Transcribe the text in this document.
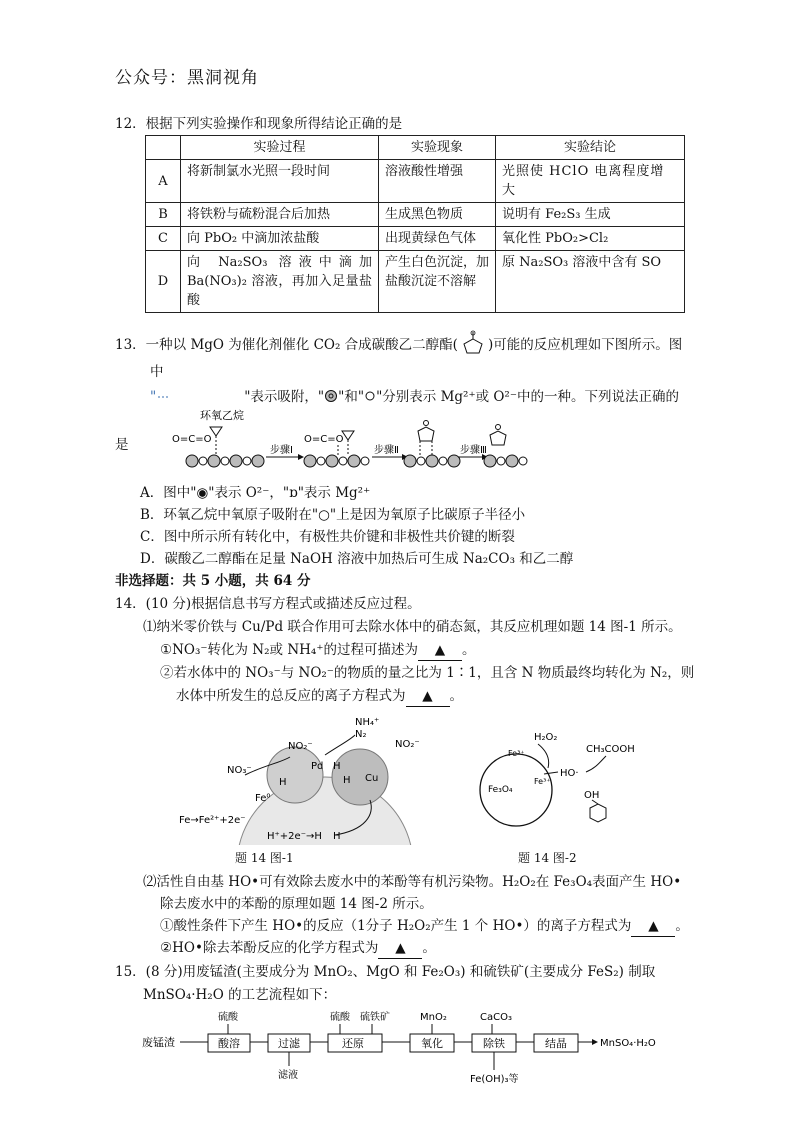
公众号：黑洞视角
12．根据下列实验操作和现象所得结论正确的是
	实验过程	实验现象	实验结论
A	将新制氯水光照一段时间	溶液酸性增强	光照使 HClO 电离程度增大
B	将铁粉与硫粉混合后加热	生成黑色物质	说明有 Fe₂S₃ 生成
C	向 PbO₂ 中滴加浓盐酸	出现黄绿色气体	氧化性 PbO₂>Cl₂
D	向 Na₂SO₃ 溶液中滴加 Ba(NO₃)₂ 溶液，再加入足量盐酸	产生白色沉淀，加盐酸沉淀不溶解	原 Na₂SO₃ 溶液中含有 SO
13．一种以 MgO 为催化剂催化 CO₂ 合成碳酸乙二醇酯( )可能的反应机理如下图所示。图
中
"	"表示吸附，" "和" "分别表示 Mg²⁺或 O²⁻中的一种。下列说法正确的
是
环氧乙烷
O=C=O
步骤Ⅰ
O=C=O
步骤Ⅱ	步骤Ⅲ
A．图中"◉"表示 O²⁻，"ɒ"表示 Mg²⁺
B．环氧乙烷中氧原子吸附在"○"上是因为氧原子比碳原子半径小
C．图中所示所有转化中，有极性共价键和非极性共价键的断裂
D．碳酸乙二醇酯在足量 NaOH 溶液中加热后可生成 Na₂CO₃ 和乙二醇
非选择题：共 5 小题，共 64 分
14．(10 分)根据信息书写方程式或描述反应过程。
⑴纳米零价铁与 Cu/Pd 联合作用可去除水体中的硝态氮，其反应机理如题 14 图-1 所示。
①NO₃⁻转化为 N₂或 NH₄⁺的过程可描述为 ▲ 。
②若水体中的 NO₃⁻与 NO₂⁻的物质的量之比为 1∶1，且含 N 物质最终均转化为 N₂，则
水体中所发生的总反应的离子方程式为 ▲ 。
NH₄⁺
N₂
NO₂⁻	NO₂⁻
NO₃⁻	Pd H
H	H Cu
Fe⁰
Fe→Fe²⁺+2e⁻
H⁺+2e⁻→H H
题 14 图-1
H₂O₂
Fe³⁺
Fe₃O₄
Fe³⁺
HO·
CH₃COOH
OH
题 14 图-2
⑵活性自由基 HO•可有效除去废水中的苯酚等有机污染物。H₂O₂在 Fe₃O₄表面产生 HO•
除去废水中的苯酚的原理如题 14 图-2 所示。
①酸性条件下产生 HO•的反应（1分子 H₂O₂产生 1 个 HO•）的离子方程式为 ▲ 。
②HO•除去苯酚反应的化学方程式为 ▲ 。
15．(8 分)用废锰渣(主要成分为 MnO₂、MgO 和 Fe₂O₃) 和硫铁矿(主要成分 FeS₂) 制取
MnSO₄·H₂O 的工艺流程如下：
废锰渣
硫酸	硫酸 硫铁矿	MnO₂	CaCO₃
酸溶	过滤
滤液
还原	氧化	除铁
Fe(OH)₃等
结晶	MnSO₄·H₂O
